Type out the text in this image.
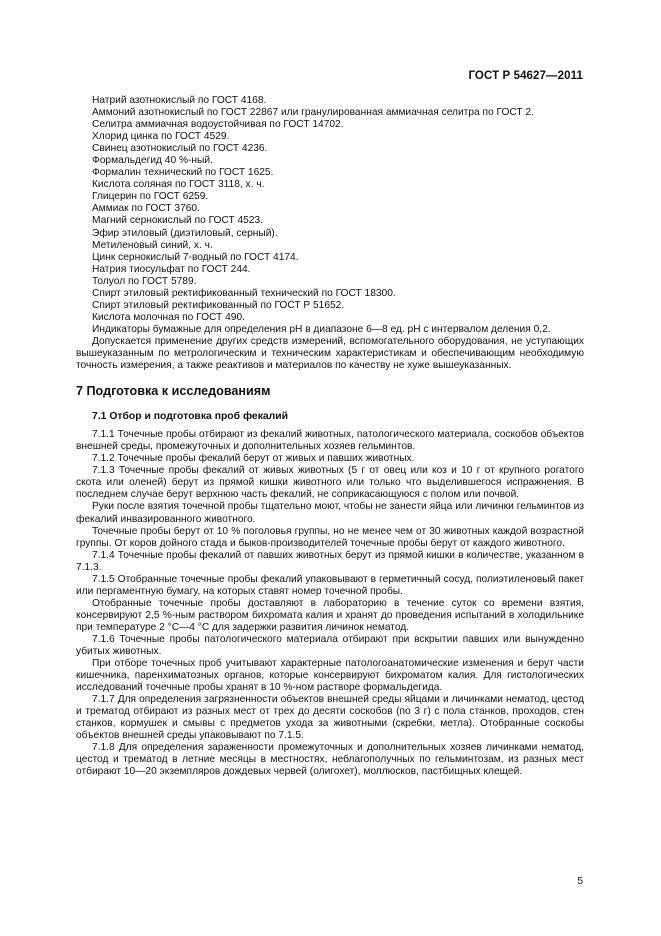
ГОСТ Р 54627—2011
Натрий азотнокислый по ГОСТ 4168.
Аммоний азотнокислый по ГОСТ 22867 или гранулированная аммиачная селитра по ГОСТ 2.
Селитра аммиачная водоустойчивая по ГОСТ 14702.
Хлорид цинка по ГОСТ 4529.
Свинец азотнокислый по ГОСТ 4236.
Формальдегид 40 %-ный.
Формалин технический по ГОСТ 1625.
Кислота соляная по ГОСТ 3118, х. ч.
Глицерин по ГОСТ 6259.
Аммиак по ГОСТ 3760.
Магний сернокислый по ГОСТ 4523.
Эфир этиловый (диэтиловый, серный).
Метиленовый синий, х. ч.
Цинк сернокислый 7-водный по ГОСТ 4174.
Натрия тиосульфат по ГОСТ 244.
Толуол по ГОСТ 5789.
Спирт этиловый ректификованный технический по ГОСТ 18300.
Спирт этиловый ректификованный по ГОСТ Р 51652.
Кислота молочная по ГОСТ 490.
Индикаторы бумажные для определения рН в диапазоне 6—8 ед. рН с интервалом деления 0,2.

Допускается применение других средств измерений, вспомогательного оборудования, не уступающих вышеуказанным по метрологическим и техническим характеристикам и обеспечивающим необходимую точность измерения, а также реактивов и материалов по качеству не хуже вышеуказанных.

7 Подготовка к исследованиям
7.1 Отбор и подготовка проб фекалий

7.1.1 Точечные пробы отбирают из фекалий животных, патологического материала, соскобов объектов внешней среды, промежуточных и дополнительных хозяев гельминтов.

7.1.2 Точечные пробы фекалий берут от живых и павших животных.

7.1.3 Точечные пробы фекалий от живых животных (5 г от овец или коз и 10 г от крупного рогатого скота или оленей) берут из прямой кишки животного или только что выделившегося испражнения. В последнем случае берут верхнюю часть фекалий, не соприкасающуюся с полом или почвой.

Руки после взятия точечной пробы тщательно моют, чтобы не занести яйца или личинки гельминтов из фекалий инвазированного животного.

Точечные пробы берут от 10 % поголовья группы, но не менее чем от 30 животных каждой возрастной группы. От коров дойного стада и быков-производителей точечные пробы берут от каждого животного.

7.1.4 Точечные пробы фекалий от павших животных берут из прямой кишки в количестве, указанном в 7.1.3.

7.1.5 Отобранные точечные пробы фекалий упаковывают в герметичный сосуд, полиэтиленовый пакет или пергаментную бумагу, на которых ставят номер точечной пробы.

Отобранные точечные пробы доставляют в лабораторию в течение суток со времени взятия, консервируют 2,5 %-ным раствором бихромата калия и хранят до проведения испытаний в холодильнике при температуре 2 °С—4 °С для задержки развития личинок нематод.

7.1.6 Точечные пробы патологического материала отбирают при вскрытии павших или вынужденно убитых животных.

При отборе точечных проб учитывают характерные патологоанатомические изменения и берут части кишечника, паренхиматозных органов, которые консервируют бихроматом калия. Для гистологических исследований точечные пробы хранят в 10 %-ном растворе формальдегида.

7.1.7 Для определения загрязненности объектов внешней среды яйцами и личинками нематод, цестод и трематод отбирают из разных мест от трех до десяти соскобов (по 3 г) с пола станков, проходов, стен станков, кормушек и смывы с предметов ухода за животными (скребки, метла). Отобранные соскобы объектов внешней среды упаковывают по 7.1.5.

7.1.8 Для определения зараженности промежуточных и дополнительных хозяев личинками нематод, цестод и трематод в летние месяцы в местностях, неблагополучных по гельминтозам, из разных мест отбирают 10—20 экземпляров дождевых червей (олигохет), моллюсков, пастбищных клещей.

5
